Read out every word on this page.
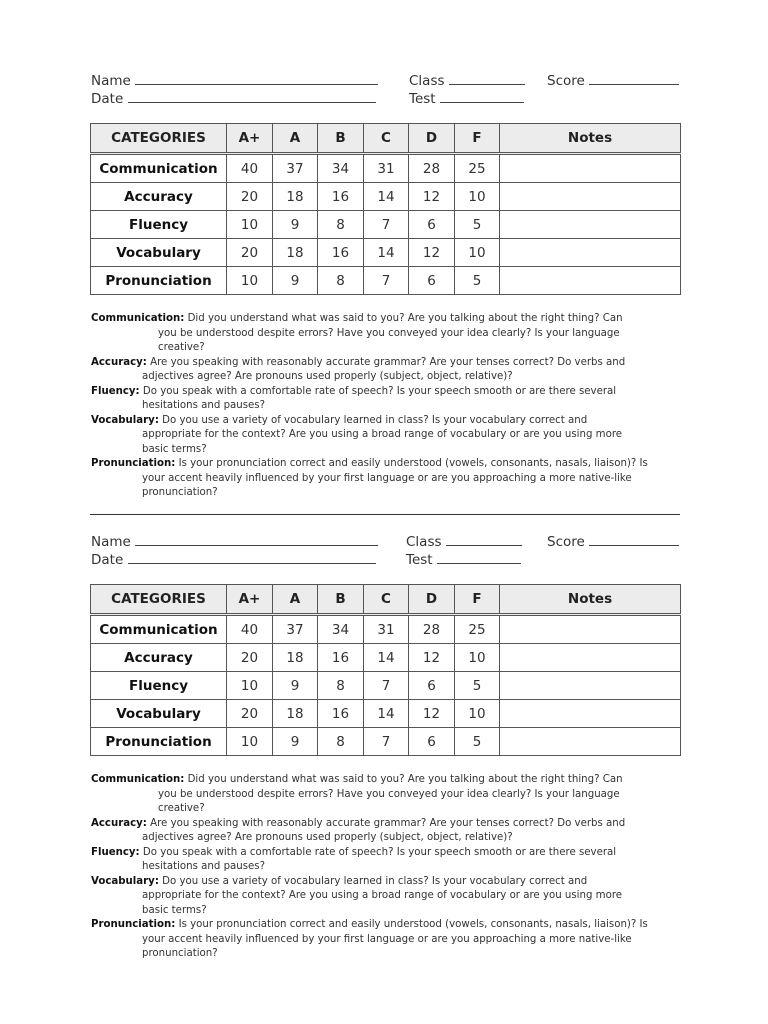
Name
Date
Class
Test
Score
CATEGORIES	A+	A	B	C	D	F	Notes
Communication	40	37	34	31	28	25	
Accuracy	20	18	16	14	12	10	
Fluency	10	9	8	7	6	5	
Vocabulary	20	18	16	14	12	10	
Pronunciation	10	9	8	7	6	5	

Communication: Did you understand what was said to you? Are you talking about the right thing? Can

you be understood despite errors? Have you conveyed your idea clearly? Is your language

creative?

Accuracy: Are you speaking with reasonably accurate grammar? Are your tenses correct? Do verbs and

adjectives agree? Are pronouns used properly (subject, object, relative)?

Fluency: Do you speak with a comfortable rate of speech? Is your speech smooth or are there several

hesitations and pauses?

Vocabulary: Do you use a variety of vocabulary learned in class? Is your vocabulary correct and

appropriate for the context? Are you using a broad range of vocabulary or are you using more

basic terms?

Pronunciation: Is your pronunciation correct and easily understood (vowels, consonants, nasals, liaison)? Is

your accent heavily influenced by your first language or are you approaching a more native-like

pronunciation?

Name
Date
Class
Test
Score
CATEGORIES	A+	A	B	C	D	F	Notes
Communication	40	37	34	31	28	25	
Accuracy	20	18	16	14	12	10	
Fluency	10	9	8	7	6	5	
Vocabulary	20	18	16	14	12	10	
Pronunciation	10	9	8	7	6	5	

Communication: Did you understand what was said to you? Are you talking about the right thing? Can

you be understood despite errors? Have you conveyed your idea clearly? Is your language

creative?

Accuracy: Are you speaking with reasonably accurate grammar? Are your tenses correct? Do verbs and

adjectives agree? Are pronouns used properly (subject, object, relative)?

Fluency: Do you speak with a comfortable rate of speech? Is your speech smooth or are there several

hesitations and pauses?

Vocabulary: Do you use a variety of vocabulary learned in class? Is your vocabulary correct and

appropriate for the context? Are you using a broad range of vocabulary or are you using more

basic terms?

Pronunciation: Is your pronunciation correct and easily understood (vowels, consonants, nasals, liaison)? Is

your accent heavily influenced by your first language or are you approaching a more native-like

pronunciation?
